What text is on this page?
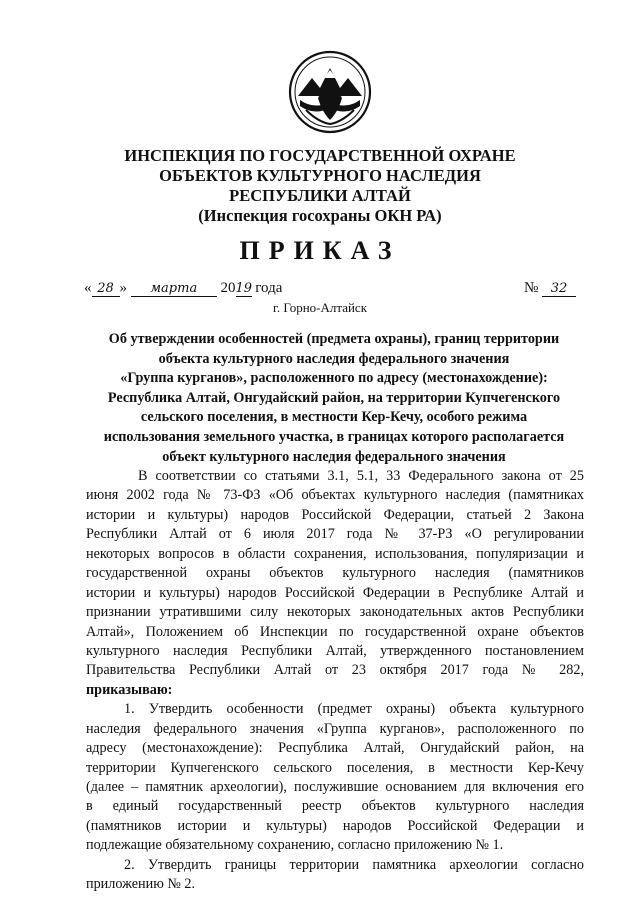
ИНСПЕКЦИЯ ПО ГОСУДАРСТВЕННОЙ ОХРАНЕ
ОБЪЕКТОВ КУЛЬТУРНОГО НАСЛЕДИЯ
РЕСПУБЛИКИ АЛТАЙ
(Инспекция госохраны ОКН РА)
ПРИКАЗ
« 28 » марта 2019 года	№ 32
г. Горно-Алтайск
Об утверждении особенностей (предмета охраны), границ территории
объекта культурного наследия федерального значения
«Группа курганов», расположенного по адресу (местонахождение):
Республика Алтай, Онгудайский район, на территории Купчегенского
сельского поселения, в местности Кер-Кечу, особого режима
использования земельного участка, в границах которого располагается
объект культурного наследия федерального значения
В соответствии со статьями 3.1, 5.1, 33 Федерального закона от 25
июня 2002 года № 73-ФЗ «Об объектах культурного наследия (памятниках
истории и культуры) народов Российской Федерации, статьей 2 Закона
Республики Алтай от 6 июля 2017 года № 37-РЗ «О регулировании
некоторых вопросов в области сохранения, использования, популяризации и
государственной охраны объектов культурного наследия (памятников
истории и культуры) народов Российской Федерации в Республике Алтай и
признании утратившими силу некоторых законодательных актов Республики
Алтай», Положением об Инспекции по государственной охране объектов
культурного наследия Республики Алтай, утвержденного постановлением
Правительства Республики Алтай от 23 октября 2017 года № 282,
приказываю:
1. Утвердить особенности (предмет охраны) объекта культурного
наследия федерального значения «Группа курганов», расположенного по
адресу (местонахождение): Республика Алтай, Онгудайский район, на
территории Купчегенского сельского поселения, в местности Кер-Кечу
(далее – памятник археологии), послужившие основанием для включения его
в единый государственный реестр объектов культурного наследия
(памятников истории и культуры) народов Российской Федерации и
подлежащие обязательному сохранению, согласно приложению № 1.
2. Утвердить границы территории памятника археологии согласно
приложению № 2.
